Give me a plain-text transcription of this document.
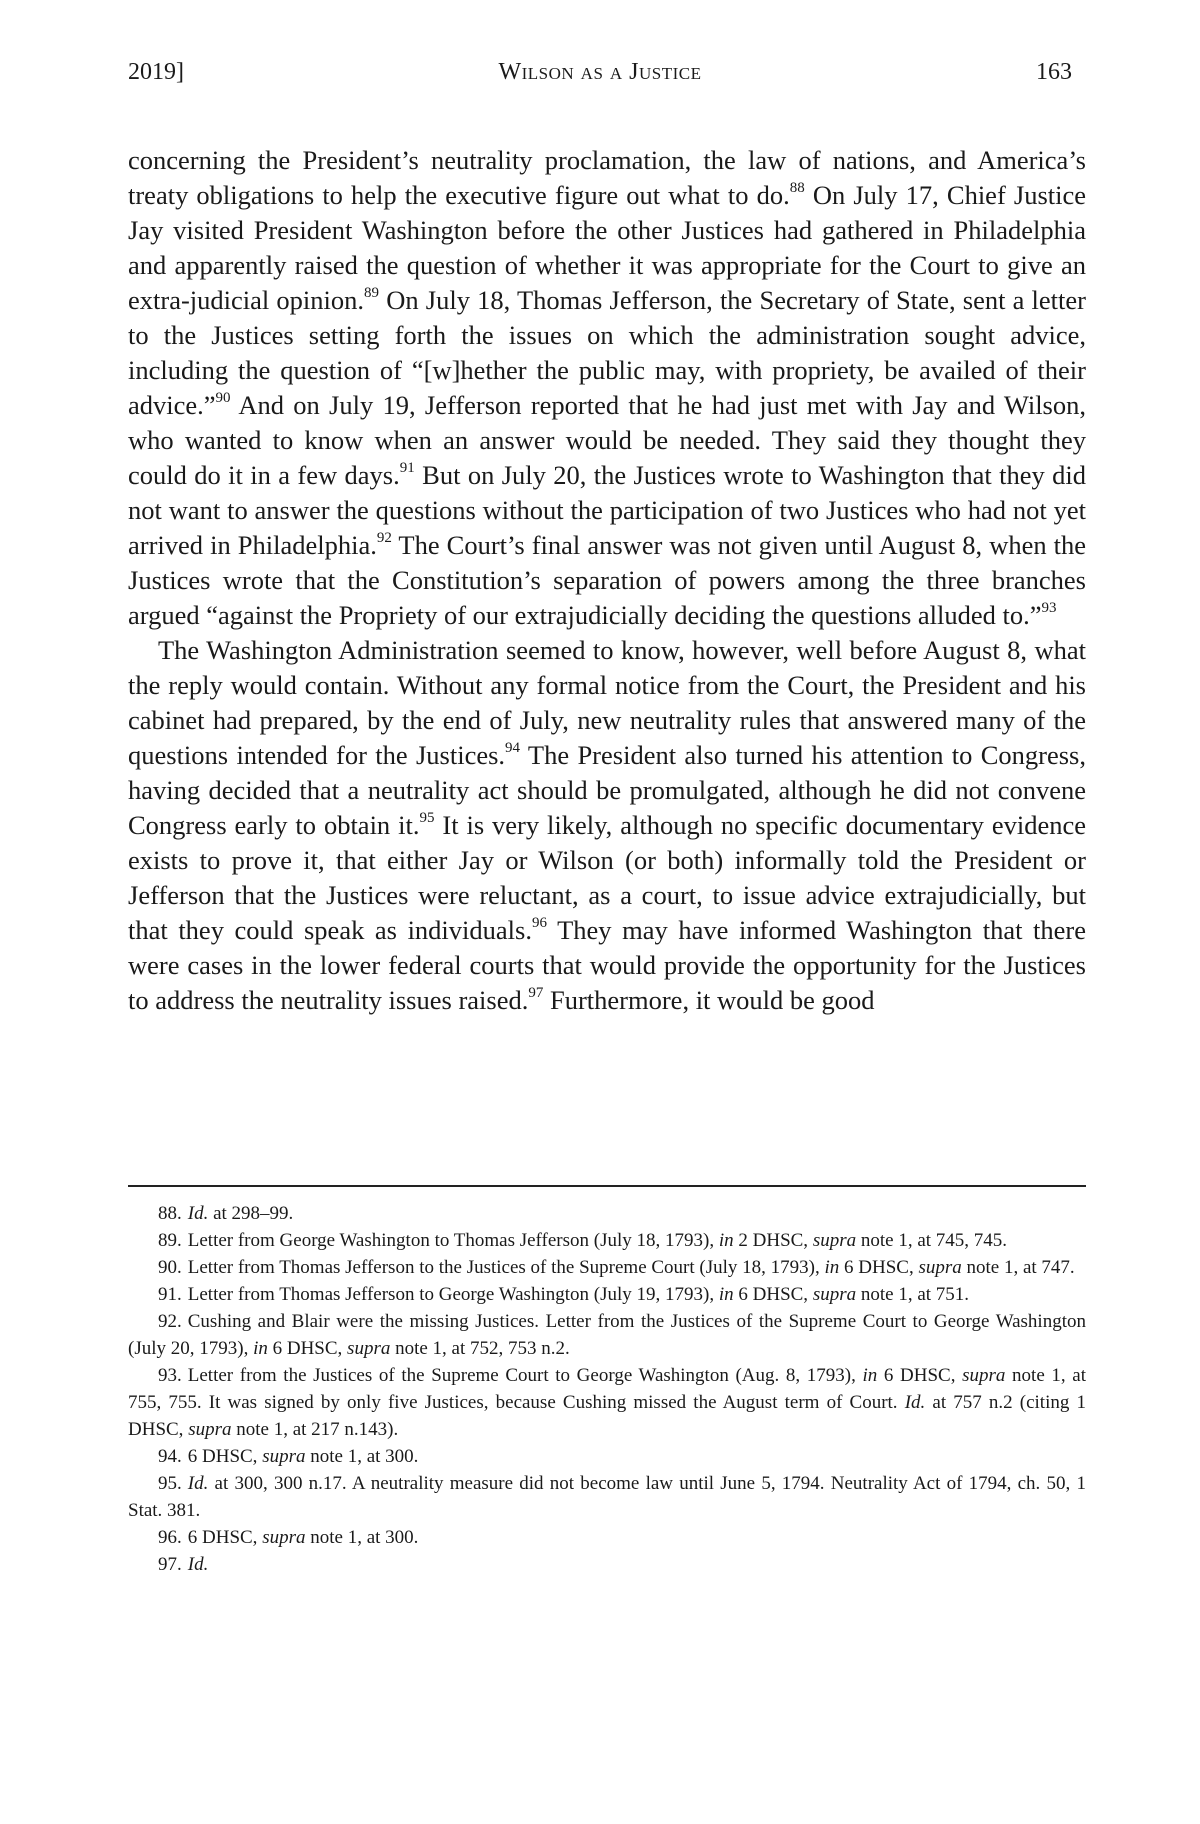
2019]	Wilson as a Justice	163

concerning the President’s neutrality proclamation, the law of nations, and America’s treaty obligations to help the executive figure out what to do.$^{88}$ On July 17, Chief Justice Jay visited President Washington before the other Justices had gathered in Philadelphia and apparently raised the question of whether it was appropriate for the Court to give an extra-judicial opinion.$^{89}$ On July 18, Thomas Jefferson, the Secretary of State, sent a letter to the Justices setting forth the issues on which the administration sought advice, including the question of “[w]hether the public may, with propriety, be availed of their advice.”$^{90}$ And on July 19, Jefferson reported that he had just met with Jay and Wilson, who wanted to know when an answer would be needed. They said they thought they could do it in a few days.$^{91}$ But on July 20, the Justices wrote to Washington that they did not want to answer the questions without the participation of two Justices who had not yet arrived in Philadelphia.$^{92}$ The Court’s final answer was not given until August 8, when the Justices wrote that the Constitution’s separation of powers among the three branches argued “against the Propriety of our extrajudicially deciding the questions alluded to.”$^{93}$

The Washington Administration seemed to know, however, well before August 8, what the reply would contain. Without any formal notice from the Court, the President and his cabinet had prepared, by the end of July, new neutrality rules that answered many of the questions intended for the Justices.$^{94}$ The President also turned his attention to Congress, having decided that a neutrality act should be promulgated, although he did not convene Congress early to obtain it.$^{95}$ It is very likely, although no specific documentary evidence exists to prove it, that either Jay or Wilson (or both) informally told the President or Jefferson that the Justices were reluctant, as a court, to issue advice extrajudicially, but that they could speak as individuals.$^{96}$ They may have informed Washington that there were cases in the lower federal courts that would provide the opportunity for the Justices to address the neutrality issues raised.$^{97}$ Furthermore, it would be good

88. Id. at 298–99.

89. Letter from George Washington to Thomas Jefferson (July 18, 1793), in 2 DHSC, supra note 1, at 745, 745.

90. Letter from Thomas Jefferson to the Justices of the Supreme Court (July 18, 1793), in 6 DHSC, supra note 1, at 747.

91. Letter from Thomas Jefferson to George Washington (July 19, 1793), in 6 DHSC, supra note 1, at 751.

92. Cushing and Blair were the missing Justices. Letter from the Justices of the Supreme Court to George Washington (July 20, 1793), in 6 DHSC, supra note 1, at 752, 753 n.2.

93. Letter from the Justices of the Supreme Court to George Washington (Aug. 8, 1793), in 6 DHSC, supra note 1, at 755, 755. It was signed by only five Justices, because Cushing missed the August term of Court. Id. at 757 n.2 (citing 1 DHSC, supra note 1, at 217 n.143).

94. 6 DHSC, supra note 1, at 300.

95. Id. at 300, 300 n.17. A neutrality measure did not become law until June 5, 1794. Neutrality Act of 1794, ch. 50, 1 Stat. 381.

96. 6 DHSC, supra note 1, at 300.

97. Id.
